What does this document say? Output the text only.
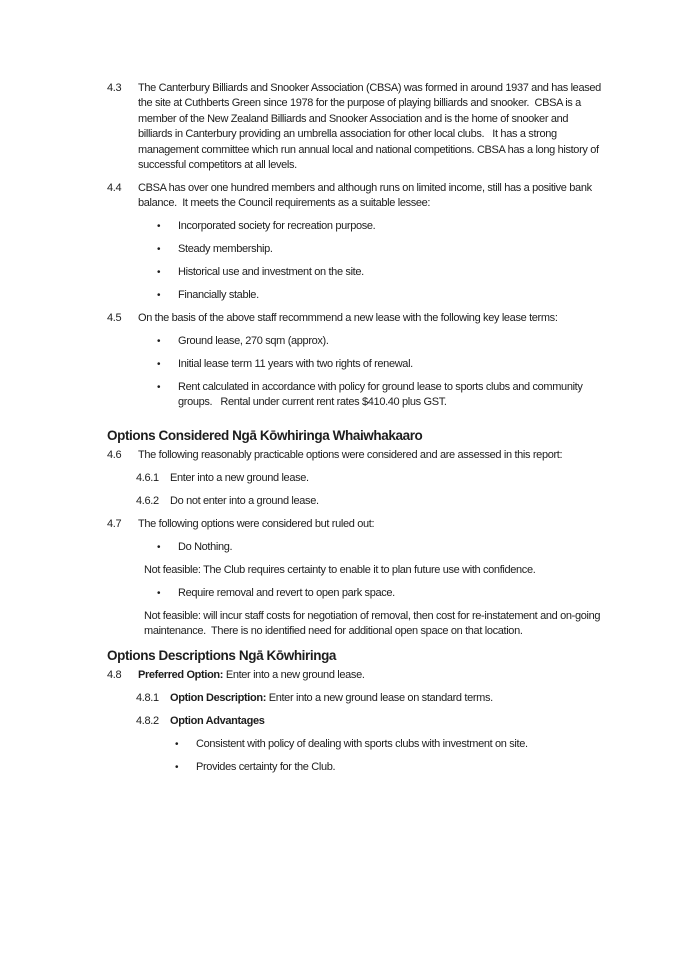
4.3	The Canterbury Billiards and Snooker Association (CBSA) was formed in around 1937 and has leased the site at Cuthberts Green since 1978 for the purpose of playing billiards and snooker.  CBSA is a member of the New Zealand Billiards and Snooker Association and is the home of snooker and billiards in Canterbury providing an umbrella association for other local clubs.   It has a strong management committee which run annual local and national competitions. CBSA has a long history of successful competitors at all levels.
4.4	CBSA has over one hundred members and although runs on limited income, still has a positive bank balance.  It meets the Council requirements as a suitable lessee:
•	Incorporated society for recreation purpose.
•	Steady membership.
•	Historical use and investment on the site.
•	Financially stable.
4.5	On the basis of the above staff recommmend a new lease with the following key lease terms:
•	Ground lease, 270 sqm (approx).
•	Initial lease term 11 years with two rights of renewal.
•	Rent calculated in accordance with policy for ground lease to sports clubs and community groups.   Rental under current rent rates $410.40 plus GST.
Options Considered Ngā Kōwhiringa Whaiwhakaaro
4.6	The following reasonably practicable options were considered and are assessed in this report:
4.6.1	Enter into a new ground lease.
4.6.2	Do not enter into a ground lease.
4.7	The following options were considered but ruled out:
•	Do Nothing.
Not feasible: The Club requires certainty to enable it to plan future use with confidence.
•	Require removal and revert to open park space.
Not feasible: will incur staff costs for negotiation of removal, then cost for re-instatement and on-going maintenance.  There is no identified need for additional open space on that location.
Options Descriptions Ngā Kōwhiringa
4.8	Preferred Option: Enter into a new ground lease.
4.8.1	Option Description: Enter into a new ground lease on standard terms.
4.8.2	Option Advantages
•	Consistent with policy of dealing with sports clubs with investment on site.
•	Provides certainty for the Club.
